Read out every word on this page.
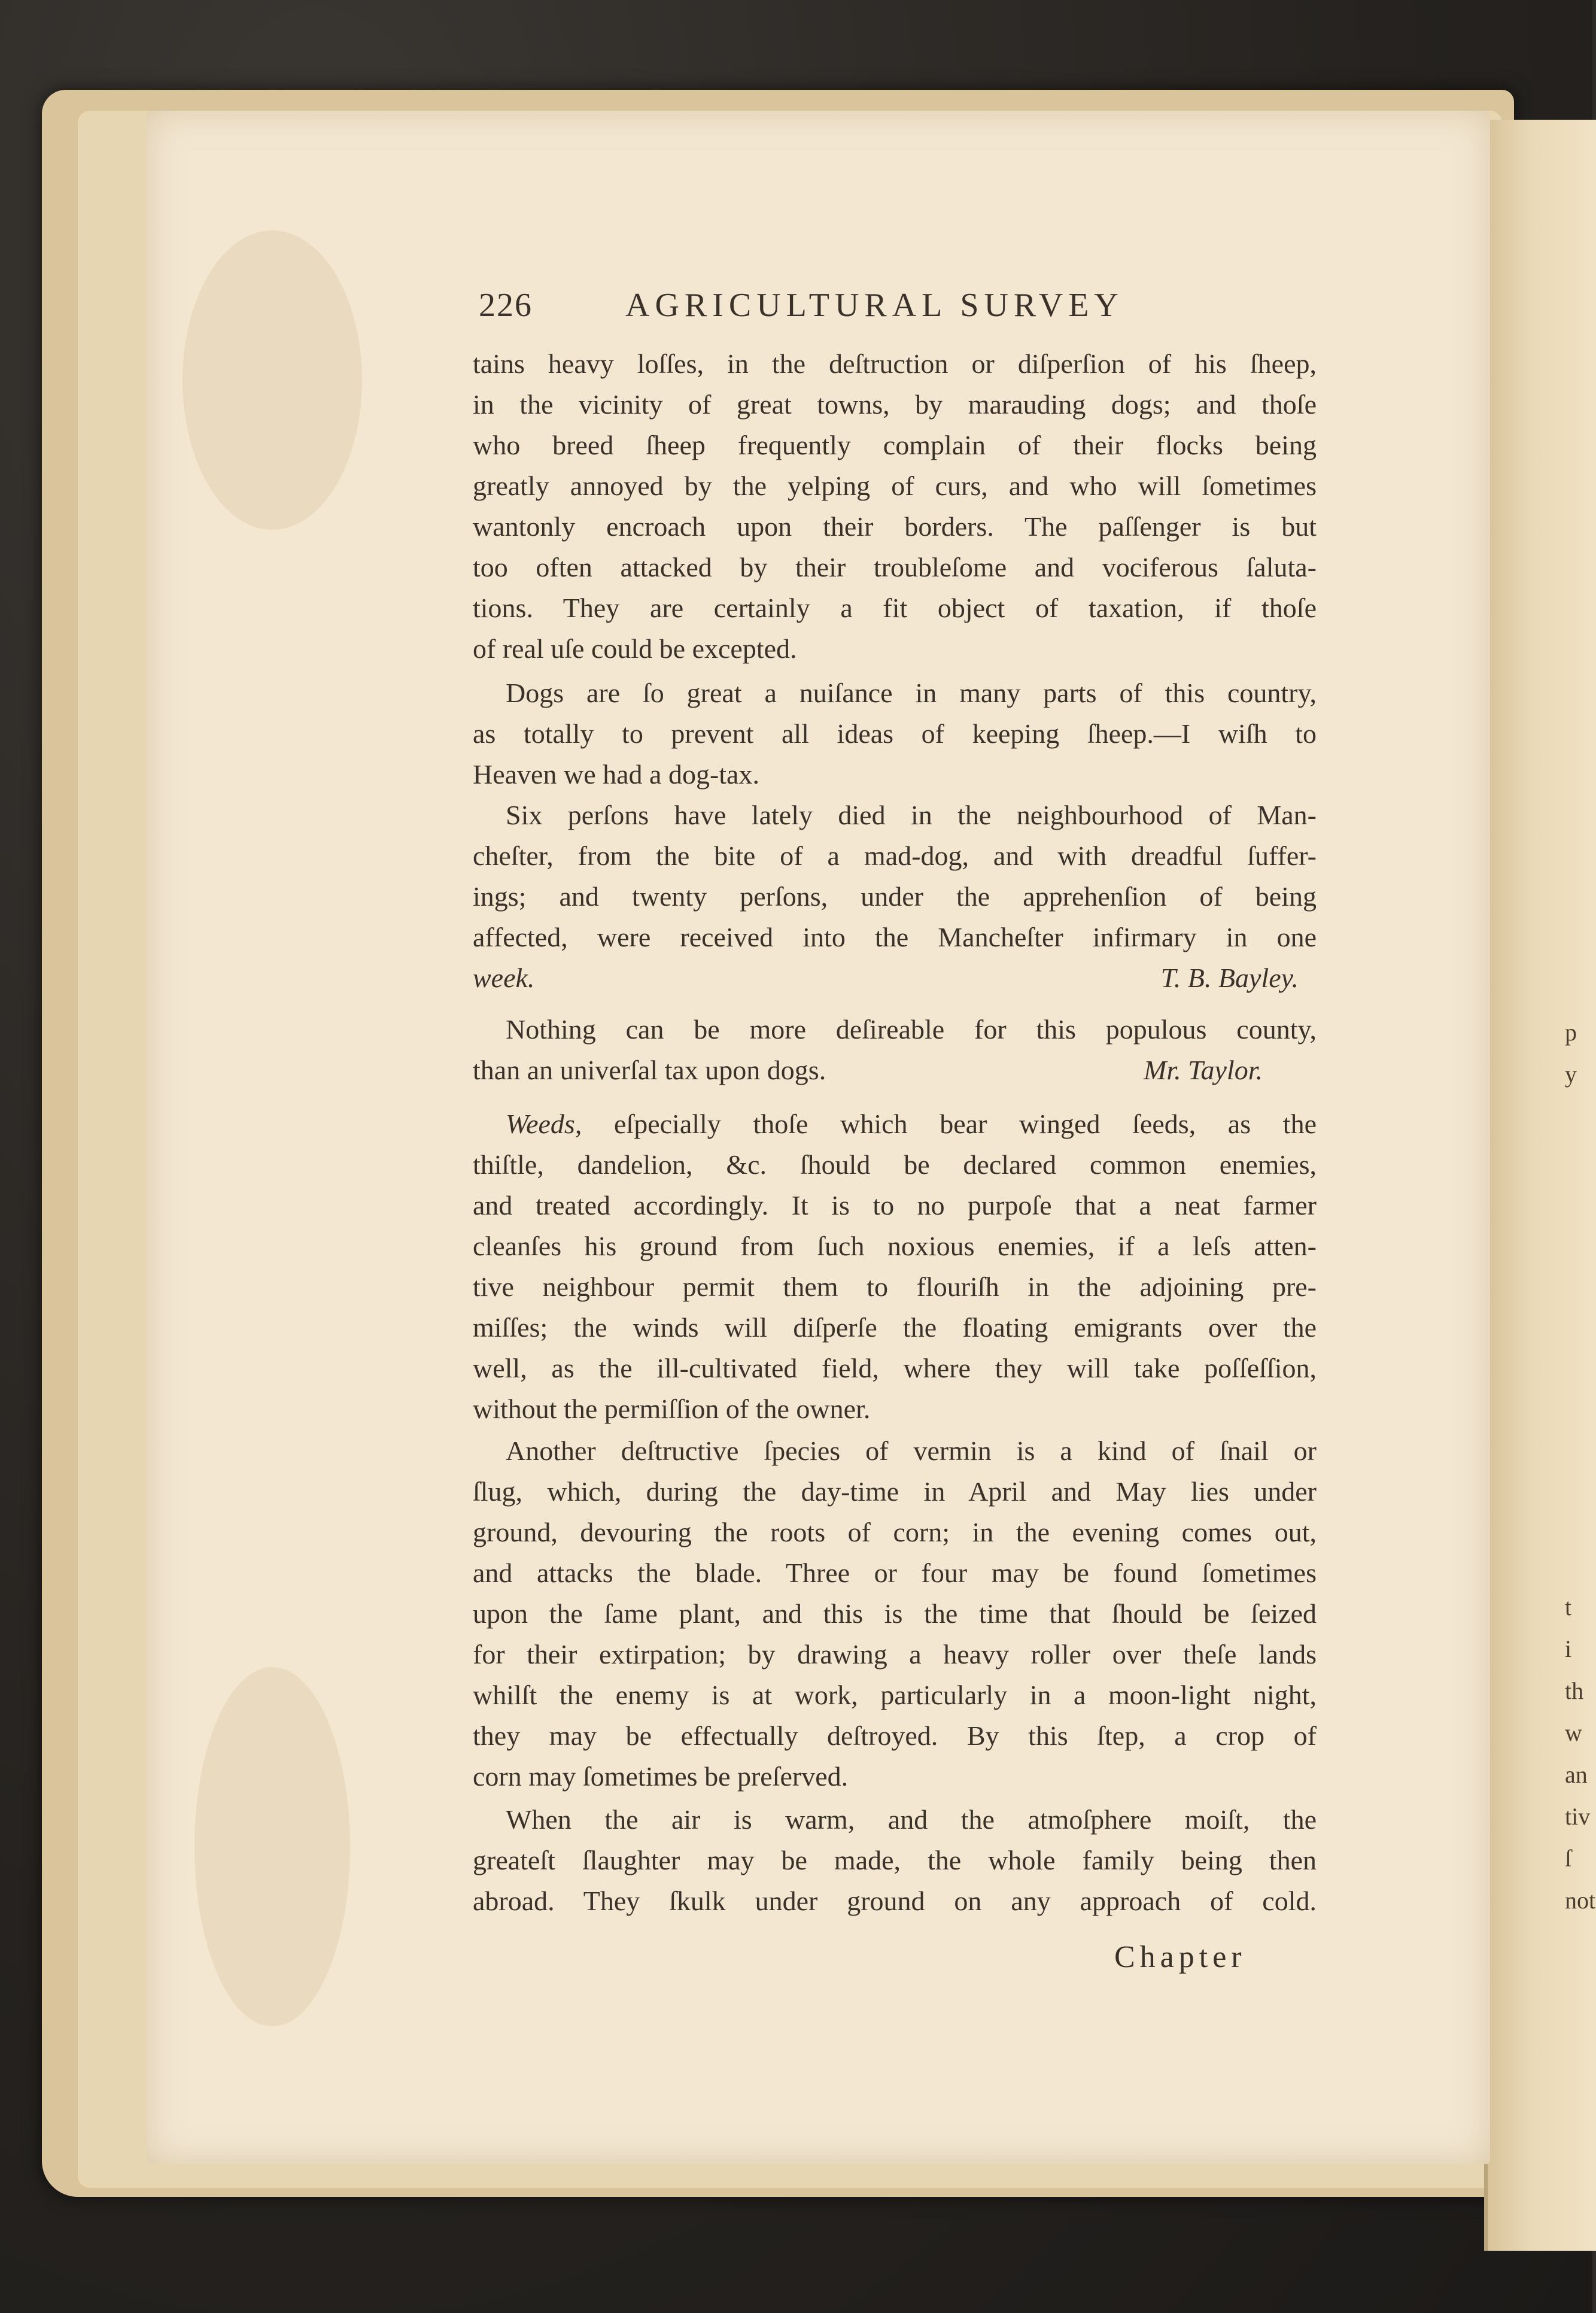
p
y
t
i
th
w
an
tiv
ſ
not
226	AGRICULTURAL SURVEY
tains heavy loſſes, in the deſtruction or diſperſion of his ſheep,
in the vicinity of great towns, by marauding dogs; and thoſe
who breed ſheep frequently complain of their flocks being
greatly annoyed by the yelping of curs, and who will ſometimes
wantonly encroach upon their borders. The paſſenger is but
too often attacked by their troubleſome and vociferous ſaluta-
tions. They are certainly a fit object of taxation, if thoſe
of real uſe could be excepted.
Dogs are ſo great a nuiſance in many parts of this country,
as totally to prevent all ideas of keeping ſheep.—I wiſh to
Heaven we had a dog-tax.
Six perſons have lately died in the neighbourhood of Man-
cheſter, from the bite of a mad-dog, and with dreadful ſuffer-
ings; and twenty perſons, under the apprehenſion of being
affected, were received into the Mancheſter infirmary in one
week.	T. B. Bayley.
Nothing can be more deſireable for this populous county,
than an univerſal tax upon dogs.	Mr. Taylor.
Weeds, eſpecially thoſe which bear winged ſeeds, as the
thiſtle, dandelion, &c. ſhould be declared common enemies,
and treated accordingly. It is to no purpoſe that a neat farmer
cleanſes his ground from ſuch noxious enemies, if a leſs atten-
tive neighbour permit them to flouriſh in the adjoining pre-
miſſes; the winds will diſperſe the floating emigrants over the
well, as the ill-cultivated field, where they will take poſſeſſion,
without the permiſſion of the owner.
Another deſtructive ſpecies of vermin is a kind of ſnail or
ſlug, which, during the day-time in April and May lies under
ground, devouring the roots of corn; in the evening comes out,
and attacks the blade. Three or four may be found ſometimes
upon the ſame plant, and this is the time that ſhould be ſeized
for their extirpation; by drawing a heavy roller over theſe lands
whilſt the enemy is at work, particularly in a moon-light night,
they may be effectually deſtroyed. By this ſtep, a crop of
corn may ſometimes be preſerved.
When the air is warm, and the atmoſphere moiſt, the
greateſt ſlaughter may be made, the whole family being then
abroad. They ſkulk under ground on any approach of cold.
Chapter
